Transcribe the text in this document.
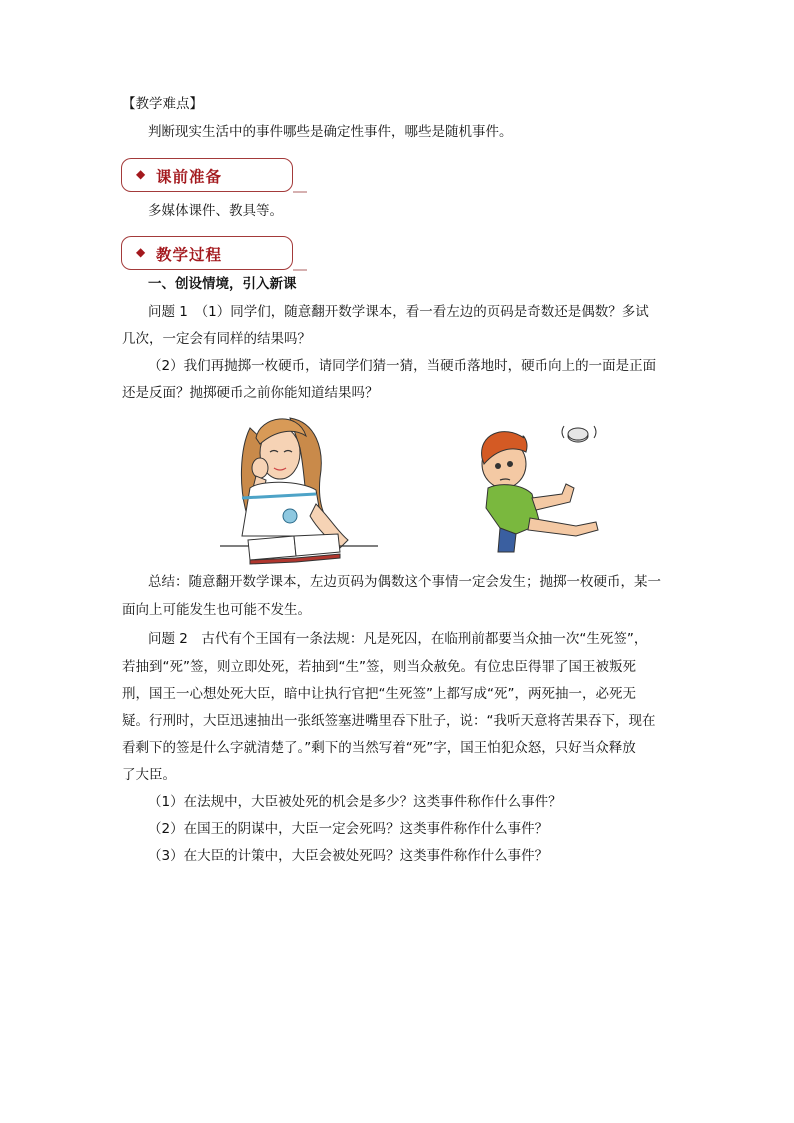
【教学难点】
判断现实生活中的事件哪些是确定性事件，哪些是随机事件。
◆ 课前准备
多媒体课件、教具等。
◆ 教学过程
一、创设情境，引入新课
问题 1　（1）同学们，随意翻开数学课本，看一看左边的页码是奇数还是偶数？多试
几次，一定会有同样的结果吗？
（2）我们再抛掷一枚硬币，请同学们猜一猜，当硬币落地时，硬币向上的一面是正面
还是反面？抛掷硬币之前你能知道结果吗？
总结：随意翻开数学课本，左边页码为偶数这个事情一定会发生；抛掷一枚硬币，某一
面向上可能发生也可能不发生。
问题 2　古代有个王国有一条法规：凡是死囚，在临刑前都要当众抽一次“生死签”，
若抽到“死”签，则立即处死，若抽到“生”签，则当众赦免。有位忠臣得罪了国王被叛死
刑，国王一心想处死大臣，暗中让执行官把“生死签”上都写成“死”，两死抽一，必死无
疑。行刑时，大臣迅速抽出一张纸签塞进嘴里吞下肚子，说：“我听天意将苦果吞下，现在
看剩下的签是什么字就清楚了。”剩下的当然写着“死”字，国王怕犯众怒，只好当众释放
了大臣。
（1）在法规中，大臣被处死的机会是多少？这类事件称作什么事件？
（2）在国王的阴谋中，大臣一定会死吗？这类事件称作什么事件？
（3）在大臣的计策中，大臣会被处死吗？这类事件称作什么事件？
